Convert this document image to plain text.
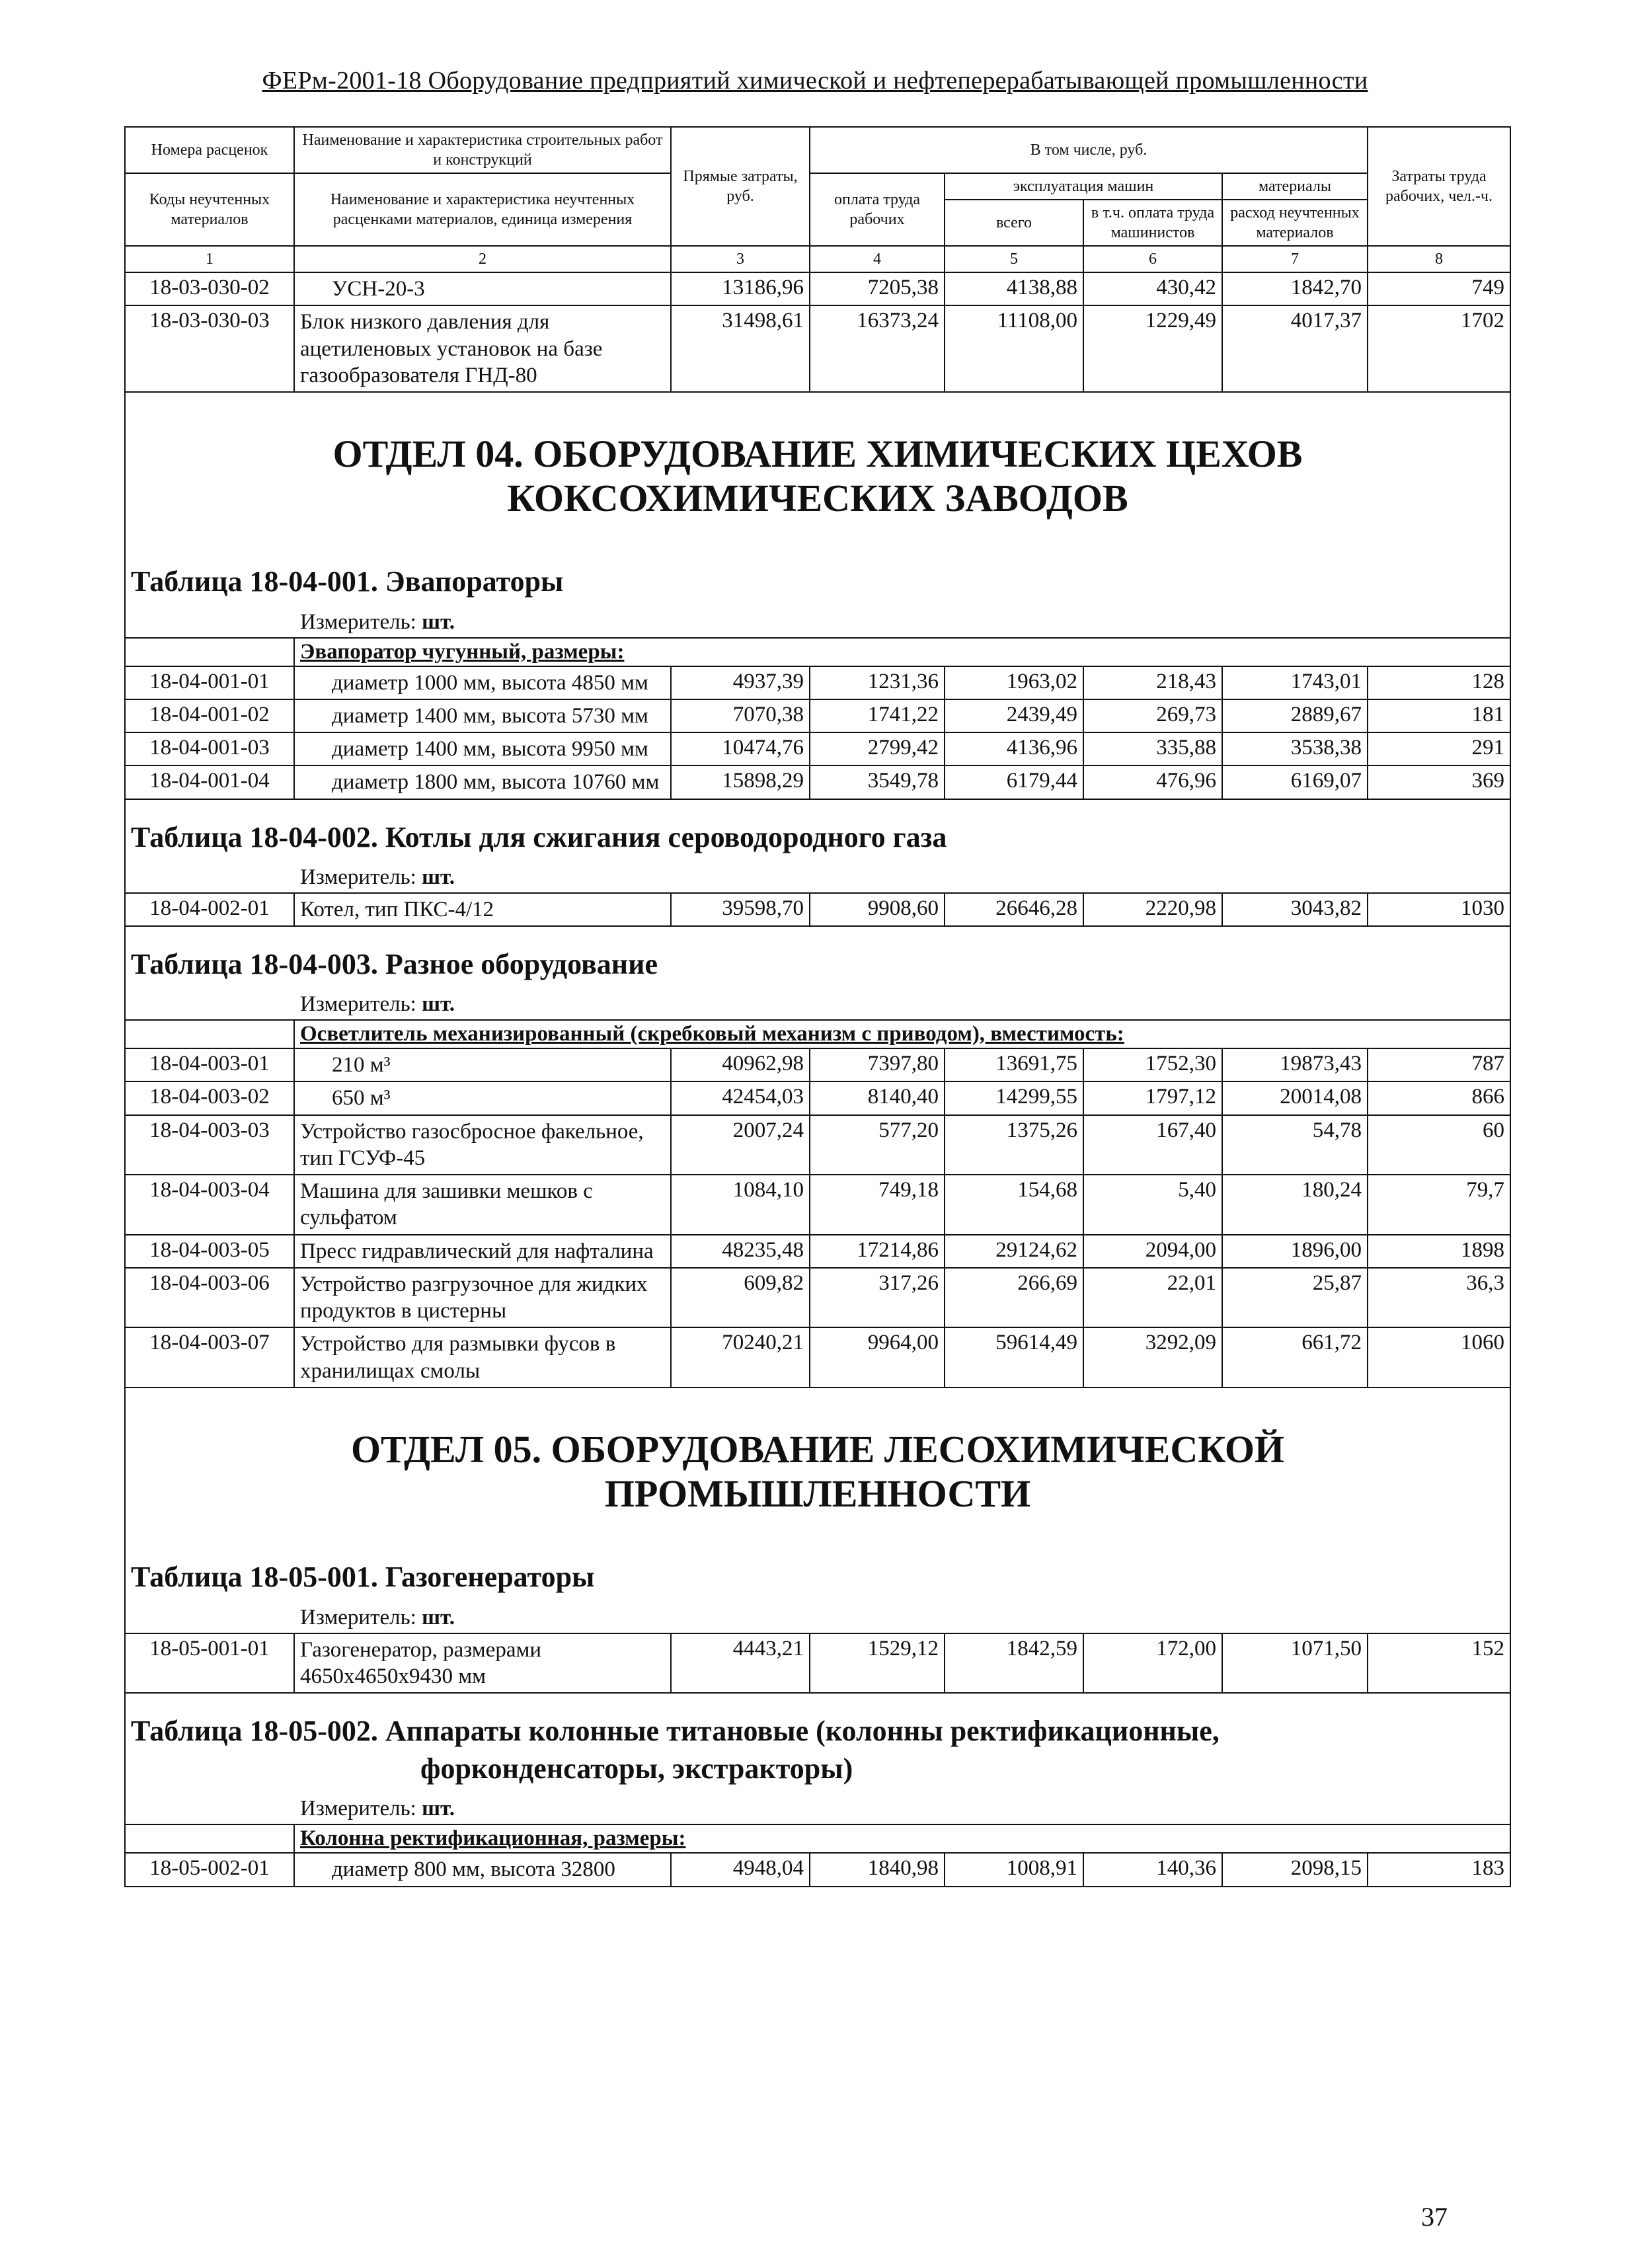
ФЕРм-2001-18 Оборудование предприятий химической и нефтеперерабатывающей промышленности
Номера расценок	Наименование и характеристика строительных работ и конструкций	Прямые затраты, руб.	В том числе, руб.				Затраты труда рабочих, чел.-ч.
Коды неучтенных материалов	Наименование и характеристика неучтенных расценками материалов, единица измерения		оплата труда рабочих	эксплуатация машин		материалы	
				всего	в т.ч. оплата труда машинистов	расход неучтенных материалов	

1	2	3	4	5	6	7	8
18-03-030-02	УСН-20-3	13186,96	7205,38	4138,88	430,42	1842,70	749
18-03-030-03	Блок низкого давления для ацетиленовых установок на базе газообразователя ГНД-80	31498,61	16373,24	11108,00	1229,49	4017,37	1702

ОТДЕЛ 04. ОБОРУДОВАНИЕ ХИМИЧЕСКИХ ЦЕХОВ КОКСОХИМИЧЕСКИХ ЗАВОДОВ
Таблица 18-04-001. Эвапораторы
Измеритель: шт.							

	Эвапоратор чугунный, размеры:						
18-04-001-01	диаметр 1000 мм, высота 4850 мм	4937,39	1231,36	1963,02	218,43	1743,01	128
18-04-001-02	диаметр 1400 мм, высота 5730 мм	7070,38	1741,22	2439,49	269,73	2889,67	181
18-04-001-03	диаметр 1400 мм, высота 9950 мм	10474,76	2799,42	4136,96	335,88	3538,38	291
18-04-001-04	диаметр 1800 мм, высота 10760 мм	15898,29	3549,78	6179,44	476,96	6169,07	369

Таблица 18-04-002. Котлы для сжигания сероводородного газа
Измеритель: шт.							

18-04-002-01	Котел, тип ПКС-4/12	39598,70	9908,60	26646,28	2220,98	3043,82	1030

Таблица 18-04-003. Разное оборудование
Измеритель: шт.							

	Осветлитель механизированный (скребковый механизм с приводом), вместимость:						
18-04-003-01	210 м³	40962,98	7397,80	13691,75	1752,30	19873,43	787
18-04-003-02	650 м³	42454,03	8140,40	14299,55	1797,12	20014,08	866
18-04-003-03	Устройство газосбросное факельное, тип ГСУФ-45	2007,24	577,20	1375,26	167,40	54,78	60
18-04-003-04	Машина для зашивки мешков с сульфатом	1084,10	749,18	154,68	5,40	180,24	79,7
18-04-003-05	Пресс гидравлический для нафталина	48235,48	17214,86	29124,62	2094,00	1896,00	1898
18-04-003-06	Устройство разгрузочное для жидких продуктов в цистерны	609,82	317,26	266,69	22,01	25,87	36,3
18-04-003-07	Устройство для размывки фусов в хранилищах смолы	70240,21	9964,00	59614,49	3292,09	661,72	1060

ОТДЕЛ 05. ОБОРУДОВАНИЕ ЛЕСОХИМИЧЕСКОЙ ПРОМЫШЛЕННОСТИ
Таблица 18-05-001. Газогенераторы
Измеритель: шт.							

18-05-001-01	Газогенератор, размерами 4650х4650х9430 мм	4443,21	1529,12	1842,59	172,00	1071,50	152

Таблица 18-05-002. Аппараты колонные титановые (колонны ректификационные,
форконденсаторы, экстракторы)
Измеритель: шт.							

	Колонна ректификационная, размеры:						
18-05-002-01	диаметр 800 мм, высота 32800	4948,04	1840,98	1008,91	140,36	2098,15	183
37
